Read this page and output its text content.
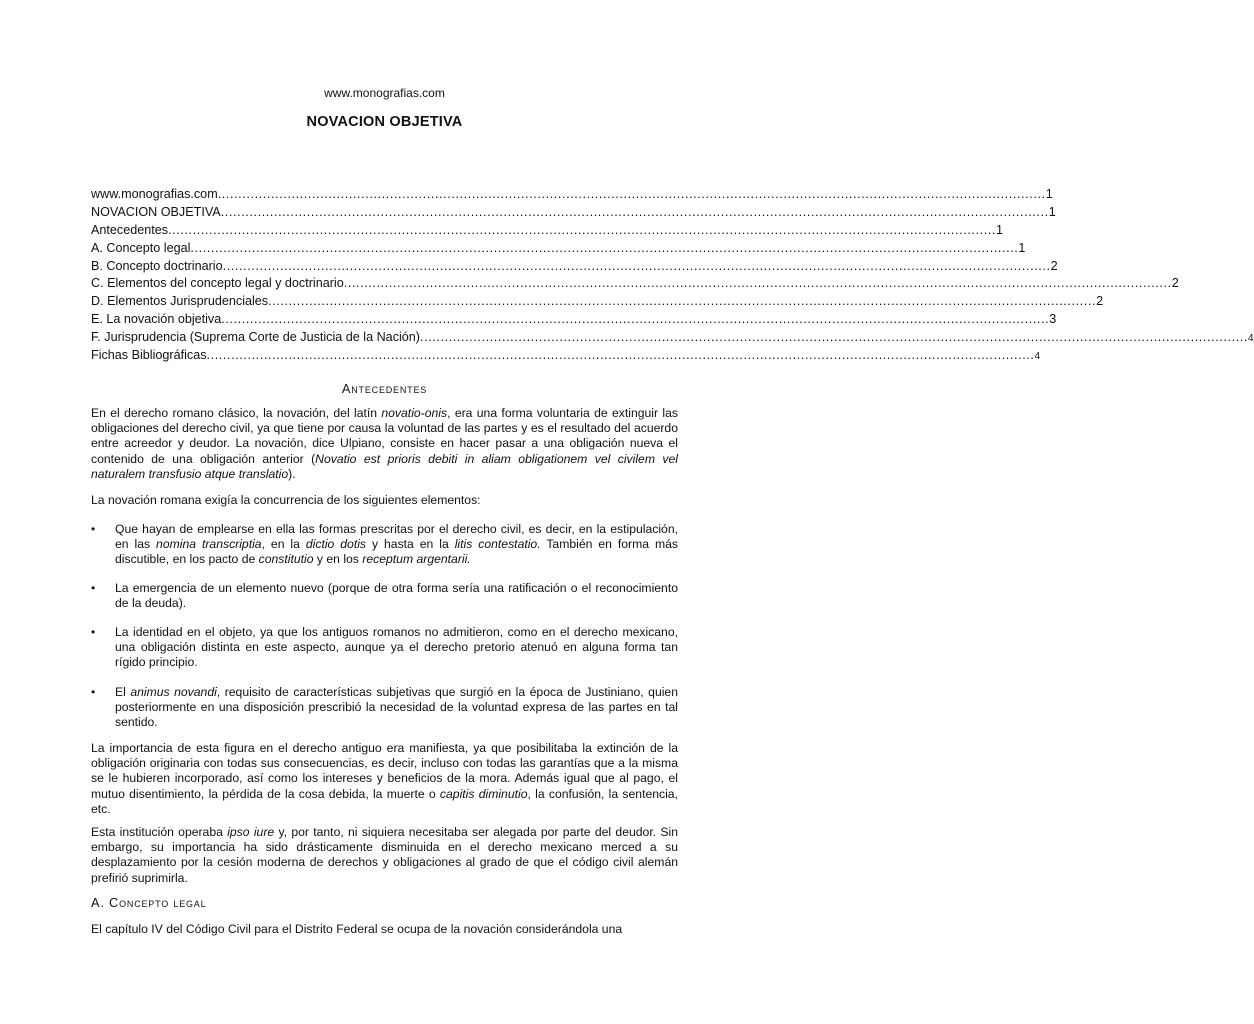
www.monografias.com
NOVACION OBJETIVA
www.monografias.com .......................................................................................................................................................................................................... 1
NOVACION OBJETIVA .......................................................................................................................................................................................................... 1
Antecedentes .......................................................................................................................................................................................................... 1
A. Concepto legal .......................................................................................................................................................................................................... 1
B. Concepto doctrinario .......................................................................................................................................................................................................... 2
C. Elementos del concepto legal y doctrinario .......................................................................................................................................................................................................... 2
D. Elementos Jurisprudenciales .......................................................................................................................................................................................................... 2
E. La novación objetiva .......................................................................................................................................................................................................... 3
F. Jurisprudencia (Suprema Corte de Justicia de la Nación) .......................................................................................................................................................................................................... 4
Fichas Bibliográficas .......................................................................................................................................................................................................... 4
Antecedentes
En el derecho romano clásico, la novación, del latín novatio-onis, era una forma voluntaria de extinguir las obligaciones del derecho civil, ya que tiene por causa la voluntad de las partes y es el resultado del acuerdo entre acreedor y deudor. La novación, dice Ulpiano, consiste en hacer pasar a una obligación nueva el contenido de una obligación anterior (Novatio est prioris debiti in aliam obligationem vel civilem vel naturalem transfusio atque translatio).
La novación romana exigía la concurrencia de los siguientes elementos:
• Que hayan de emplearse en ella las formas prescritas por el derecho civil, es decir, en la estipulación, en las nomina transcriptia, en la dictio dotis y hasta en la litis contestatio. También en forma más discutible, en los pacto de constitutio y en los receptum argentarii.
• La emergencia de un elemento nuevo (porque de otra forma sería una ratificación o el reconocimiento de la deuda).
• La identidad en el objeto, ya que los antiguos romanos no admitieron, como en el derecho mexicano, una obligación distinta en este aspecto, aunque ya el derecho pretorio atenuó en alguna forma tan rígido principio.
• El animus novandi, requisito de características subjetivas que surgió en la época de Justiniano, quien posteriormente en una disposición prescribió la necesidad de la voluntad expresa de las partes en tal sentido.
La importancia de esta figura en el derecho antiguo era manifiesta, ya que posibilitaba la extinción de la obligación originaria con todas sus consecuencias, es decir, incluso con todas las garantías que a la misma se le hubieren incorporado, así como los intereses y beneficios de la mora. Además igual que al pago, el mutuo disentimiento, la pérdida de la cosa debida, la muerte o capitis diminutio, la confusión, la sentencia, etc.
Esta institución operaba ipso iure y, por tanto, ni siquiera necesitaba ser alegada por parte del deudor. Sin embargo, su importancia ha sido drásticamente disminuida en el derecho mexicano merced a su desplazamiento por la cesión moderna de derechos y obligaciones al grado de que el código civil alemán prefirió suprimirla.
A. Concepto legal
El capítulo IV del Código Civil para el Distrito Federal se ocupa de la novación considerándola una
